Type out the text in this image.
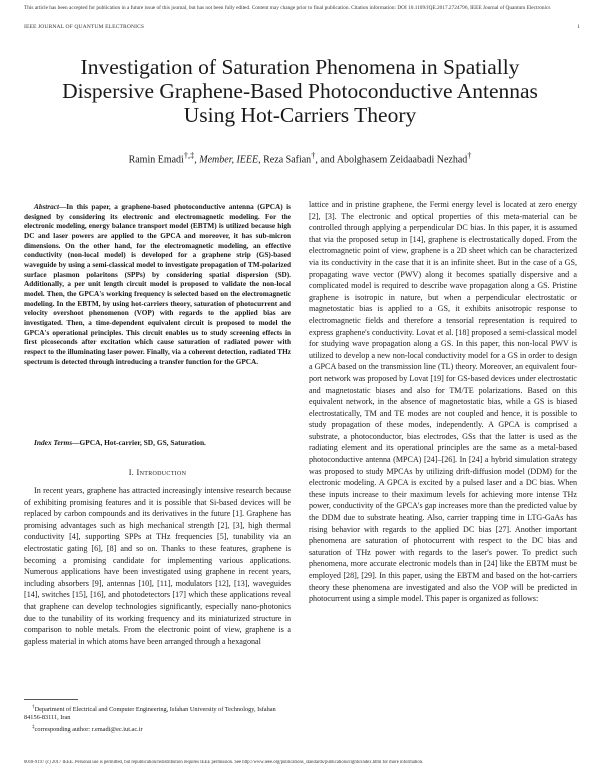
This article has been accepted for publication in a future issue of this journal, but has not been fully edited. Content may change prior to final publication. Citation information: DOI 10.1109/JQE.2017.2724796, IEEE Journal of Quantum Electronics
IEEE JOURNAL OF QUANTUM ELECTRONICS	1
Investigation of Saturation Phenomena in Spatially Dispersive Graphene-Based Photoconductive Antennas Using Hot-Carriers Theory
Ramin Emadi†,‡, Member, IEEE, Reza Safian†, and Abolghasem Zeidaabadi Nezhad†

Abstract—In this paper, a graphene-based photoconductive antenna (GPCA) is designed by considering its electronic and electromagnetic modeling. For the electronic modeling, energy balance transport model (EBTM) is utilized because high DC and laser powers are applied to the GPCA and moreover, it has sub-micron dimensions. On the other hand, for the electromagnetic modeling, an effective conductivity (non-local model) is developed for a graphene strip (GS)-based waveguide by using a semi-classical model to investigate propagation of TM-polarized surface plasmon polaritons (SPPs) by considering spatial dispersion (SD). Additionally, a per unit length circuit model is proposed to validate the non-local model. Then, the GPCA's working frequency is selected based on the electromagnetic modeling. In the EBTM, by using hot-carriers theory, saturation of photocurrent and velocity overshoot phenomenon (VOP) with regards to the applied bias are investigated. Then, a time-dependent equivalent circuit is proposed to model the GPCA's operational principles. This circuit enables us to study screening effects in first picoseconds after excitation which cause saturation of radiated power with respect to the illuminating laser power. Finally, via a coherent detection, radiated THz spectrum is detected through introducing a transfer function for the GPCA.

Index Terms—GPCA, Hot-carrier, SD, GS, Saturation.

I. Introduction

In recent years, graphene has attracted increasingly intensive research because of exhibiting promising features and it is possible that Si-based devices will be replaced by carbon compounds and its derivatives in the future [1]. Graphene has promising advantages such as high mechanical strength [2], [3], high thermal conductivity [4], supporting SPPs at THz frequencies [5], tunability via an electrostatic gating [6], [8] and so on. Thanks to these features, graphene is becoming a promising candidate for implementing various applications. Numerous applications have been investigated using graphene in recent years, including absorbers [9], antennas [10], [11], modulators [12], [13], waveguides [14], switches [15], [16], and photodetectors [17] which these applications reveal that graphene can develop technologies significantly, especially nano-photonics due to the tunability of its working frequency and its miniaturized structure in comparison to noble metals. From the electronic point of view, graphene is a gapless material in which atoms have been arranged through a hexagonal

lattice and in pristine graphene, the Fermi energy level is located at zero energy [2], [3]. The electronic and optical properties of this meta-material can be controlled through applying a perpendicular DC bias. In this paper, it is assumed that via the proposed setup in [14], graphene is electrostatically doped. From the electromagnetic point of view, graphene is a 2D sheet which can be characterized via its conductivity in the case that it is an infinite sheet. But in the case of a GS, propagating wave vector (PWV) along it becomes spatially dispersive and a complicated model is required to describe wave propagation along a GS. Pristine graphene is isotropic in nature, but when a perpendicular electrostatic or magnetostatic bias is applied to a GS, it exhibits anisotropic response to electromagnetic fields and therefore a tensorial representation is required to express graphene's conductivity. Lovat et al. [18] proposed a semi-classical model for studying wave propagation along a GS. In this paper, this non-local PWV is utilized to develop a new non-local conductivity model for a GS in order to design a GPCA based on the transmission line (TL) theory. Moreover, an equivalent four-port network was proposed by Lovat [19] for GS-based devices under electrostatic and magnetostatic biases and also for TM/TE polarizations. Based on this equivalent network, in the absence of magnetostatic bias, while a GS is biased electrostatically, TM and TE modes are not coupled and hence, it is possible to study propagation of these modes, independently. A GPCA is comprised a substrate, a photoconductor, bias electrodes, GSs that the latter is used as the radiating element and its operational principles are the same as a metal-based photoconductive antenna (MPCA) [24]–[26]. In [24] a hybrid simulation strategy was proposed to study MPCAs by utilizing drift-diffusion model (DDM) for the electronic modeling. A GPCA is excited by a pulsed laser and a DC bias. When these inputs increase to their maximum levels for achieving more intense THz power, conductivity of the GPCA's gap increases more than the predicted value by the DDM due to substrate heating. Also, carrier trapping time in LTG-GaAs has rising behavior with regards to the applied DC bias [27]. Another important phenomena are saturation of photocurrent with respect to the DC bias and saturation of THz power with regards to the laser's power. To predict such phenomena, more accurate electronic models than in [24] like the EBTM must be employed [28], [29]. In this paper, using the EBTM and based on the hot-carriers theory these phenomena are investigated and also the VOP will be predicted in photocurrent using a simple model. This paper is organized as follows:

†Department of Electrical and Computer Engineering, Isfahan University of Technology, Isfahan 84156-83111, Iran

‡corresponding author: r.emadi@ec.iut.ac.ir

0018-9197 (c) 2017 IEEE. Personal use is permitted, but republication/redistribution requires IEEE permission. See http://www.ieee.org/publications_standards/publications/rights/index.html for more information.
